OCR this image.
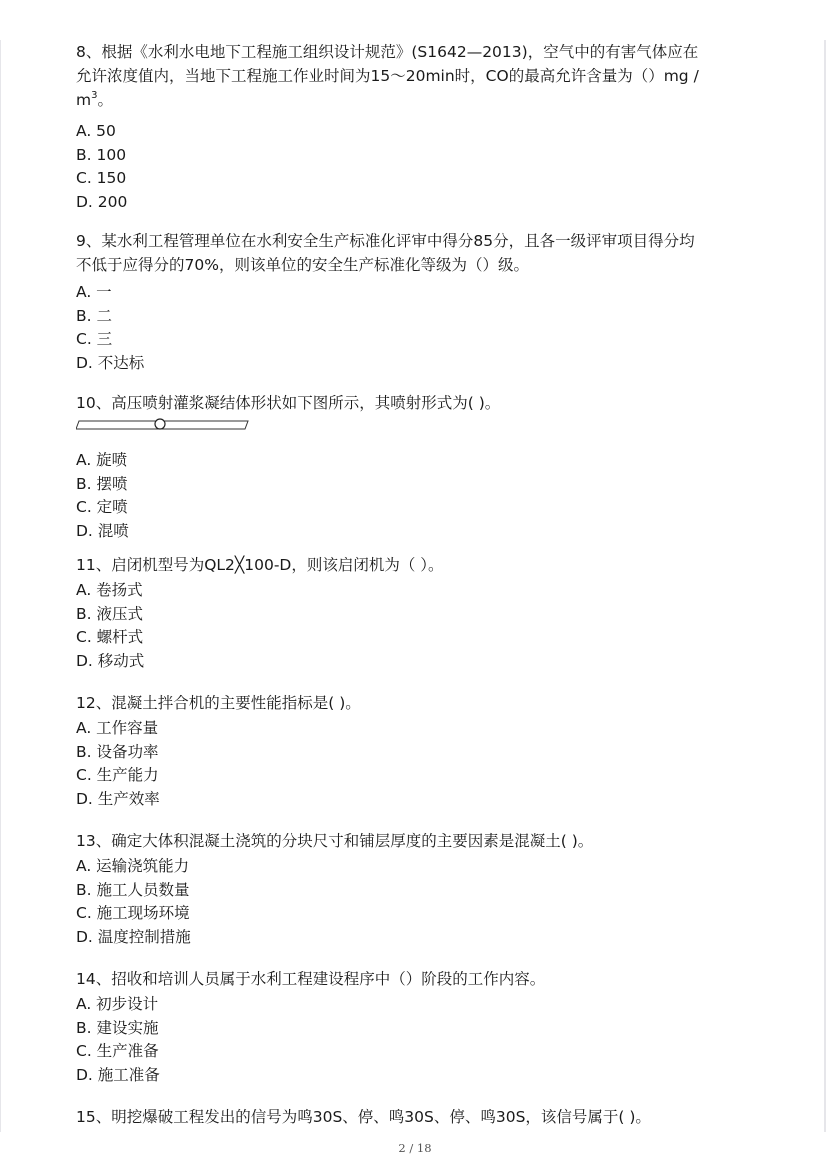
8、根据《水利水电地下工程施工组织设计规范》(S1642—2013)，空气中的有害气体应在
允许浓度值内，当地下工程施工作业时间为15～20min时，CO的最高允许含量为（）mg /
$m^3$。

A. 50
B. 100
C. 150
D. 200

9、某水利工程管理单位在水利安全生产标准化评审中得分85分，且各一级评审项目得分均
不低于应得分的70%，则该单位的安全生产标准化等级为（）级。

A. 一
B. 二
C. 三
D. 不达标

10、高压喷射灌浆凝结体形状如下图所示，其喷射形式为( )。

A. 旋喷
B. 摆喷
C. 定喷
D. 混喷

11、启闭机型号为QL2╳100-D，则该启闭机为（ ）。

A. 卷扬式
B. 液压式
C. 螺杆式
D. 移动式

12、混凝土拌合机的主要性能指标是( )。

A. 工作容量
B. 设备功率
C. 生产能力
D. 生产效率

13、确定大体积混凝土浇筑的分块尺寸和铺层厚度的主要因素是混凝土( )。

A. 运输浇筑能力
B. 施工人员数量
C. 施工现场环境
D. 温度控制措施

14、招收和培训人员属于水利工程建设程序中（）阶段的工作内容。

A. 初步设计
B. 建设实施
C. 生产准备
D. 施工准备

15、明挖爆破工程发出的信号为鸣30S、停、鸣30S、停、鸣30S，该信号属于( )。

2 / 18
